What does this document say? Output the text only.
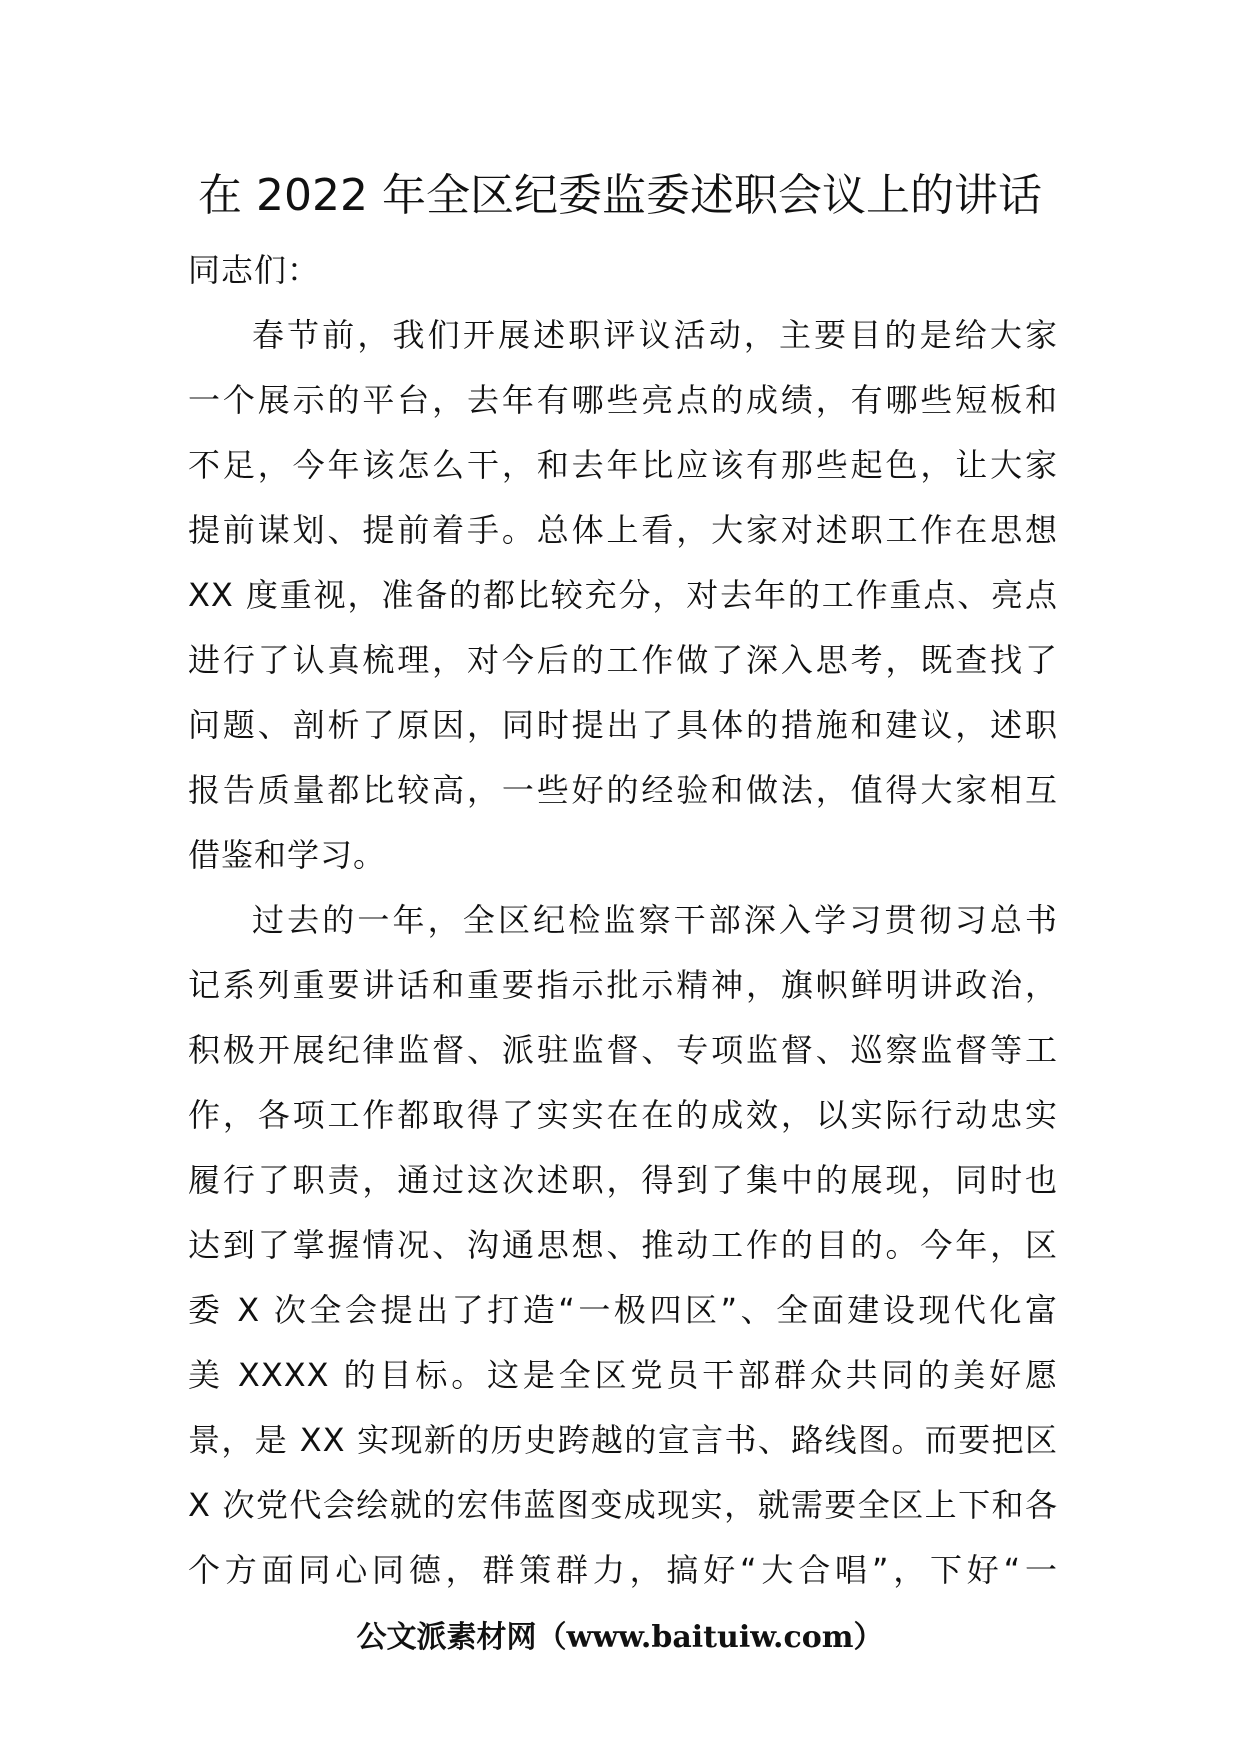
在 2022 年全区纪委监委述职会议上的讲话
同志们：
春节前，我们开展述职评议活动，主要目的是给大家
一个展示的平台，去年有哪些亮点的成绩，有哪些短板和
不足，今年该怎么干，和去年比应该有那些起色，让大家
提前谋划、提前着手。总体上看，大家对述职工作在思想
XX 度重视，准备的都比较充分，对去年的工作重点、亮点
进行了认真梳理，对今后的工作做了深入思考，既查找了
问题、剖析了原因，同时提出了具体的措施和建议，述职
报告质量都比较高，一些好的经验和做法，值得大家相互
借鉴和学习。
过去的一年，全区纪检监察干部深入学习贯彻习总书
记系列重要讲话和重要指示批示精神，旗帜鲜明讲政治，
积极开展纪律监督、派驻监督、专项监督、巡察监督等工
作，各项工作都取得了实实在在的成效，以实际行动忠实
履行了职责，通过这次述职，得到了集中的展现，同时也
达到了掌握情况、沟通思想、推动工作的目的。今年，区
委 X 次全会提出了打造“一极四区”、全面建设现代化富
美 XXXX 的目标。这是全区党员干部群众共同的美好愿
景，是 XX 实现新的历史跨越的宣言书、路线图。而要把区
X 次党代会绘就的宏伟蓝图变成现实，就需要全区上下和各
个方面同心同德，群策群力，搞好“大合唱”，下好“一
公文派素材网（www.baituiw.com）
